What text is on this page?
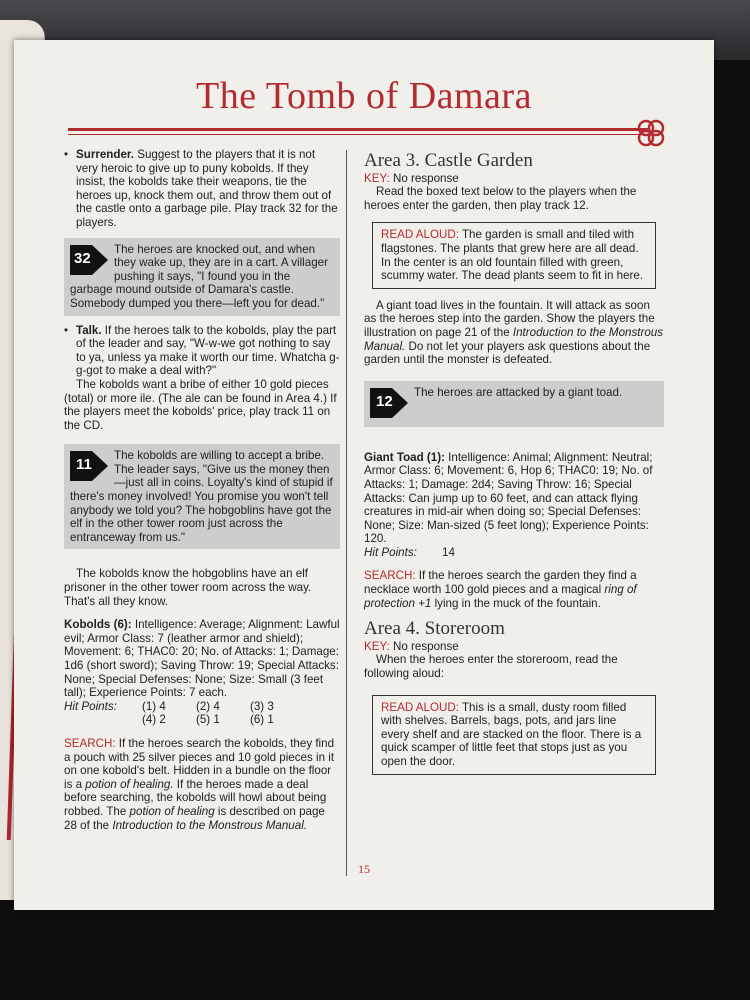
The Tomb of Damara

• Surrender. Suggest to the players that it is not very heroic to give up to puny kobolds. If they insist, the kobolds take their weapons, tie the heroes up, knock them out, and throw them out of the castle onto a garbage pile. Play track 32 for the players.

32

The heroes are knocked out, and when they wake up, they are in a cart. A villager pushing it says, "I found you in the garbage mound outside of Damara's castle. Somebody dumped you there—left you for dead."

• Talk. If the heroes talk to the kobolds, play the part of the leader and say, "W-w-we got nothing to say to ya, unless ya make it worth our time. Whatcha g-g-got to make a deal with?"

The kobolds want a bribe of either 10 gold pieces (total) or more ile. (The ale can be found in Area 4.) If the players meet the kobolds' price, play track 11 on the CD.

11

The kobolds are willing to accept a bribe. The leader says, "Give us the money then—just all in coins. Loyalty's kind of stupid if there's money involved! You promise you won't tell anybody we told you? The hobgoblins have got the elf in the other tower room just across the entranceway from us."

The kobolds know the hobgoblins have an elf prisoner in the other tower room across the way. That's all they know.

Kobolds (6): Intelligence: Average; Alignment: Lawful evil; Armor Class: 7 (leather armor and shield); Movement: 6; THAC0: 20; No. of Attacks: 1; Damage: 1d6 (short sword); Saving Throw: 19; Special Attacks: None; Special Defenses: None; Size: Small (3 feet tall); Experience Points: 7 each.

Hit Points:	(1) 4	(2) 4	(3) 3
(4) 2	(5) 1	(6) 1

SEARCH: If the heroes search the kobolds, they find a pouch with 25 silver pieces and 10 gold pieces in it on one kobold's belt. Hidden in a bundle on the floor is a potion of healing. If the heroes made a deal before searching, the kobolds will howl about being robbed. The potion of healing is described on page 28 of the Introduction to the Monstrous Manual.

Area 3. Castle Garden

KEY: No response

Read the boxed text below to the players when the heroes enter the garden, then play track 12.

READ ALOUD: The garden is small and tiled with flagstones. The plants that grew here are all dead. In the center is an old fountain filled with green, scummy water. The dead plants seem to fit in here.

A giant toad lives in the fountain. It will attack as soon as the heroes step into the garden. Show the players the illustration on page 21 of the Introduction to the Monstrous Manual. Do not let your players ask questions about the garden until the monster is defeated.

12

The heroes are attacked by a giant toad.

Giant Toad (1): Intelligence: Animal; Alignment: Neutral; Armor Class: 6; Movement: 6, Hop 6; THAC0: 19; No. of Attacks: 1; Damage: 2d4; Saving Throw: 16; Special Attacks: Can jump up to 60 feet, and can attack flying creatures in mid-air when doing so; Special Defenses: None; Size: Man-sized (5 feet long); Experience Points: 120.

Hit Points:	14

SEARCH: If the heroes search the garden they find a necklace worth 100 gold pieces and a magical ring of protection +1 lying in the muck of the fountain.

Area 4. Storeroom

KEY: No response

When the heroes enter the storeroom, read the following aloud:

READ ALOUD: This is a small, dusty room filled with shelves. Barrels, bags, pots, and jars line every shelf and are stacked on the floor. There is a quick scamper of little feet that stops just as you open the door.

15
